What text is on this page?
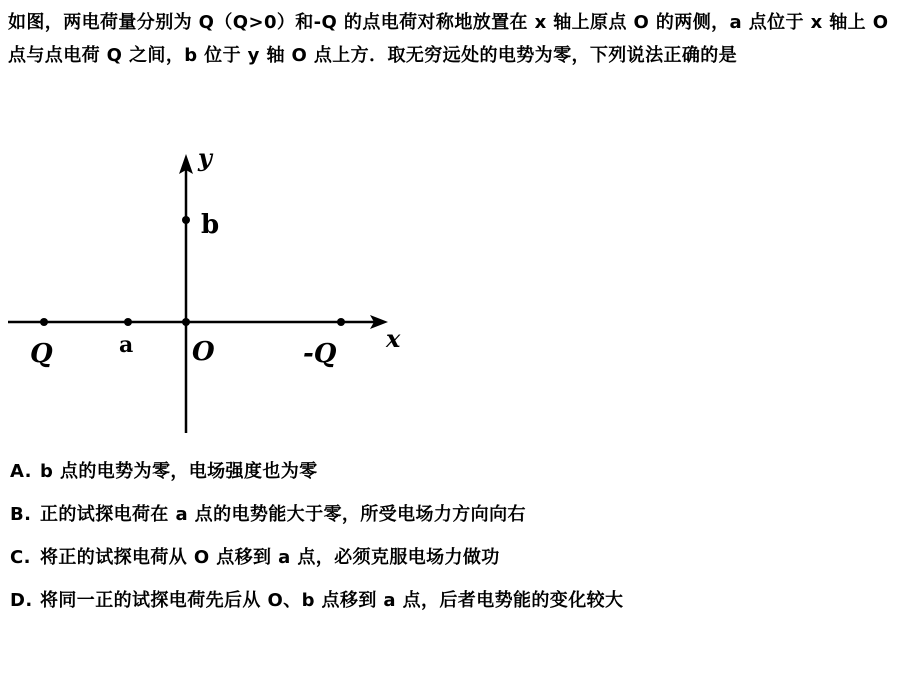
如图，两电荷量分别为 Q（Q>0）和-Q 的点电荷对称地放置在 x 轴上原点 O 的两侧，a 点位于 x 轴上 O 点与点电荷 Q 之间，b 位于 y 轴 O 点上方．取无穷远处的电势为零，下列说法正确的是
y
b
Q	a O	-Q
x
A. b 点的电势为零，电场强度也为零
B. 正的试探电荷在 a 点的电势能大于零，所受电场力方向向右
C. 将正的试探电荷从 O 点移到 a 点，必须克服电场力做功
D. 将同一正的试探电荷先后从 O、b 点移到 a 点，后者电势能的变化较大
